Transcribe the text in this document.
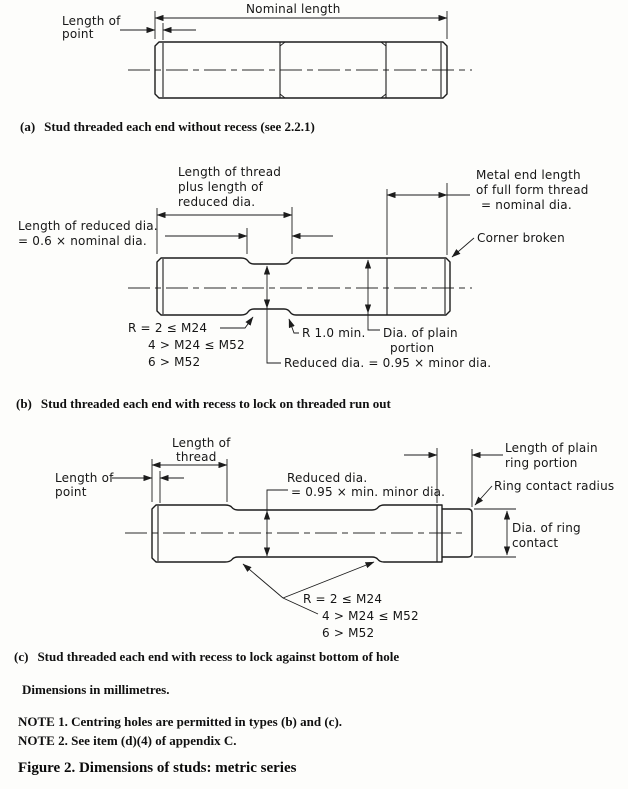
Nominal length
Length of
point
Length of thread
plus length of
reduced dia.
Length of reduced dia.
= 0.6 × nominal dia.
Metal end length
of full form thread
= nominal dia.
Corner broken
Reduced dia. = 0.95 × minor dia.
Dia. of plain
portion
R 1.0 min.
R = 2 ≤ M24
4 > M24 ≤ M52
6 > M52
Length of
thread
Length of
point
Reduced dia.
= 0.95 × min. minor dia.
Length of plain
ring portion
Ring contact radius
Dia. of ring
contact
R = 2 ≤ M24
4 > M24 ≤ M52
6 > M52
(a) Stud threaded each end without recess (see 2.2.1)
(b) Stud threaded each end with recess to lock on threaded run out
(c) Stud threaded each end with recess to lock against bottom of hole
Dimensions in millimetres.
NOTE 1. Centring holes are permitted in types (b) and (c).
NOTE 2. See item (d)(4) of appendix C.
Figure 2. Dimensions of studs: metric series
